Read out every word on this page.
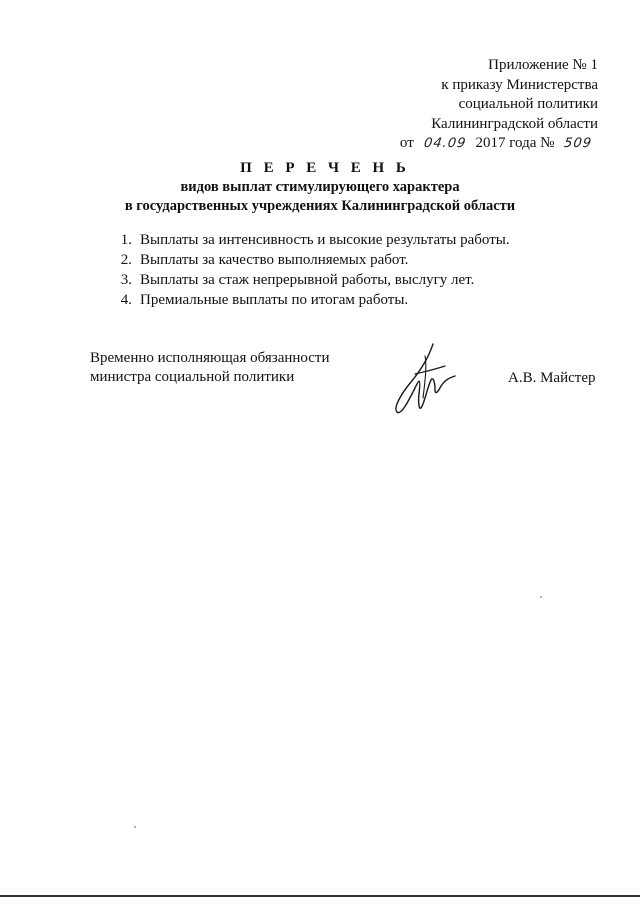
Приложение № 1
к приказу Министерства
социальной политики
Калининградской области
от 04.09 2017 года № 509
П Е Р Е Ч Е Н Ь
видов выплат стимулирующего характера
в государственных учреждениях Калининградской области
1. Выплаты за интенсивность и высокие результаты работы.
2. Выплаты за качество выполняемых работ.
3. Выплаты за стаж непрерывной работы, выслугу лет.
4. Премиальные выплаты по итогам работы.
Временно исполняющая обязанности
министра социальной политики	А.В. Майстер
